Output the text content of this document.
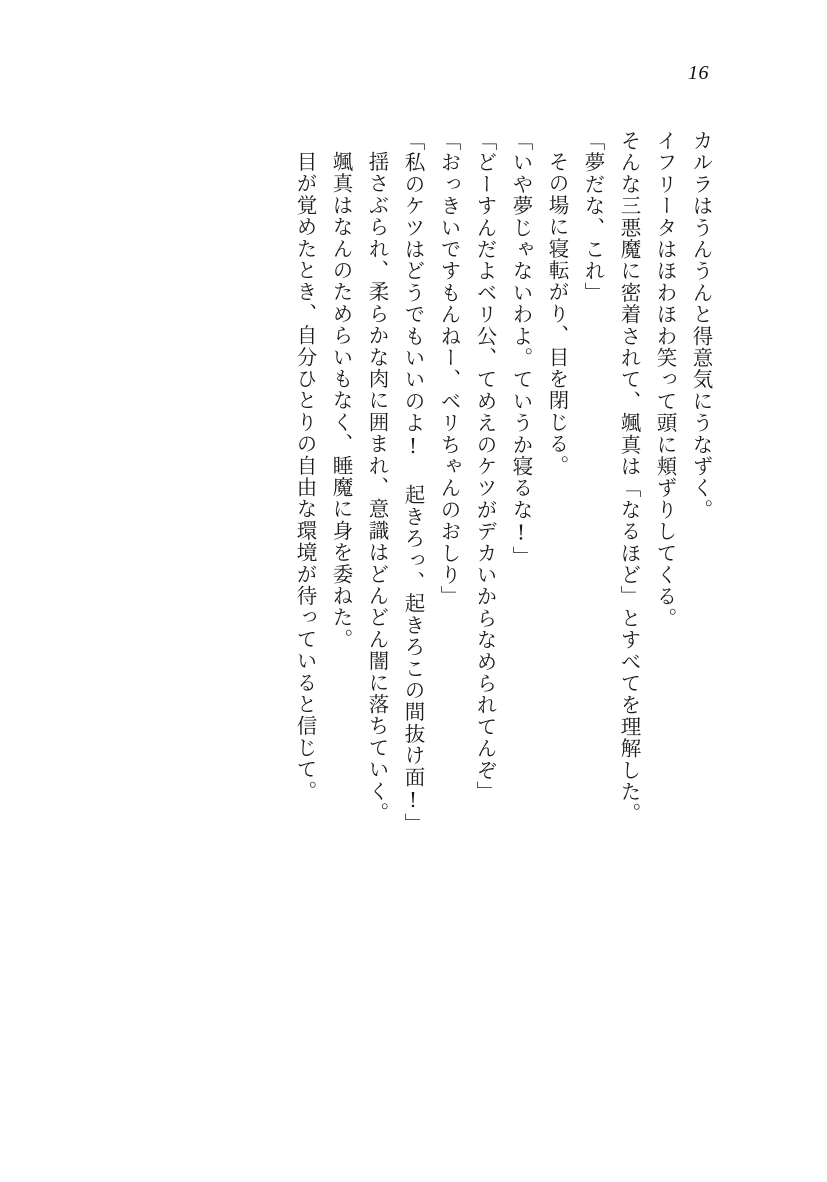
16

カルラはうんうんと得意気にうなずく。

イフリータはほわほわ笑って頭に頬ずりしてくる。

そんな三悪魔に密着されて、颯真は「なるほど」とすべてを理解した。

「夢だな、これ」

その場に寝転がり、目を閉じる。

「いや夢じゃないわよ。ていうか寝るな!」

「どーすんだよベリ公、てめえのケツがデカいからなめられてんぞ」

「おっきいですもんねー、ベリちゃんのおしり」

「私のケツはどうでもいいのよ! 起きろっ、起きろこの間抜け面!」

揺さぶられ、柔らかな肉に囲まれ、意識はどんどん闇に落ちていく。

颯真はなんのためらいもなく、睡魔に身を委ねた。

目が覚めたとき、自分ひとりの自由な環境が待っていると信じて。
